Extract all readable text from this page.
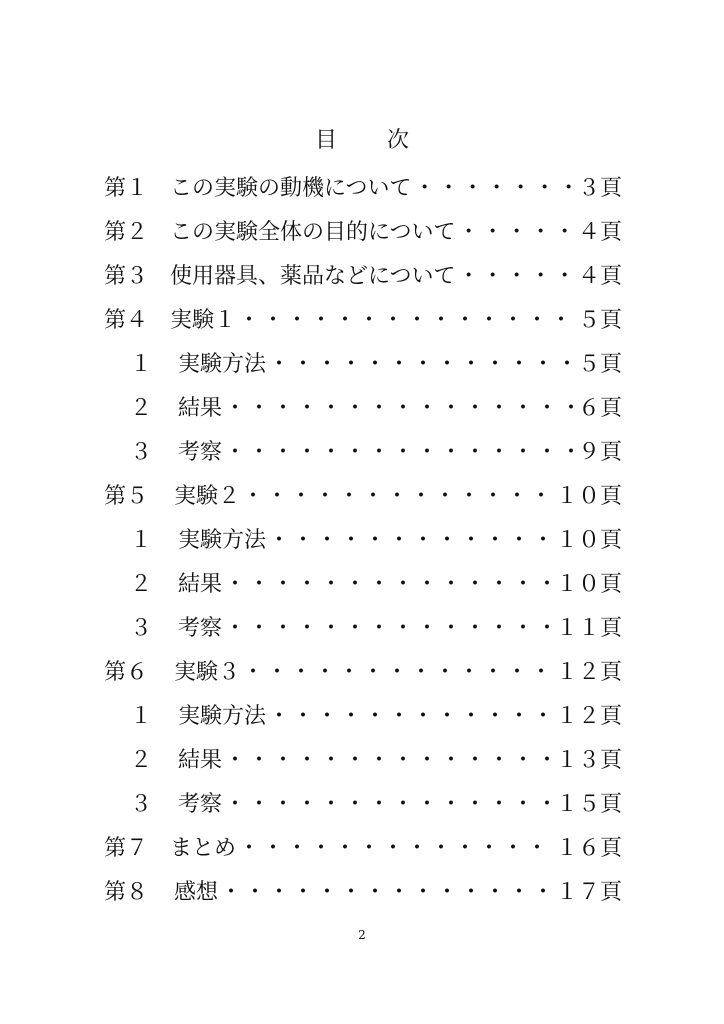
目 次
第１ この実験の動機について ・・・・・・・・・・・・・・・・・・・・・・・・・・・・・・・・・・・・・・・・	３頁
第２ この実験全体の目的について ・・・・・・・・・・・・・・・・・・・・・・・・・・・・・・・・・・・・・・・・	４頁
第３ 使用器具、薬品などについて ・・・・・・・・・・・・・・・・・・・・・・・・・・・・・・・・・・・・・・・・	４頁
第４ 実験１ ・・・・・・・・・・・・・・・・・・・・・・・・・・・・・・・・・・・・・・・・	５頁
１	実験方法 ・・・・・・・・・・・・・・・・・・・・・・・・・・・・・・・・・・・・・・・・	５頁
２	結果 ・・・・・・・・・・・・・・・・・・・・・・・・・・・・・・・・・・・・・・・・	６頁
３	考察 ・・・・・・・・・・・・・・・・・・・・・・・・・・・・・・・・・・・・・・・・	９頁
第５	実験２ ・・・・・・・・・・・・・・・・・・・・・・・・・・・・・・・・・・・・・・・・	１０頁
１	実験方法 ・・・・・・・・・・・・・・・・・・・・・・・・・・・・・・・・・・・・・・・・	１０頁
２	結果 ・・・・・・・・・・・・・・・・・・・・・・・・・・・・・・・・・・・・・・・・	１０頁
３	考察 ・・・・・・・・・・・・・・・・・・・・・・・・・・・・・・・・・・・・・・・・	１１頁
第６	実験３ ・・・・・・・・・・・・・・・・・・・・・・・・・・・・・・・・・・・・・・・・	１２頁
１	実験方法 ・・・・・・・・・・・・・・・・・・・・・・・・・・・・・・・・・・・・・・・・	１２頁
２	結果 ・・・・・・・・・・・・・・・・・・・・・・・・・・・・・・・・・・・・・・・・	１３頁
３	考察 ・・・・・・・・・・・・・・・・・・・・・・・・・・・・・・・・・・・・・・・・	１５頁
第７ まとめ ・・・・・・・・・・・・・・・・・・・・・・・・・・・・・・・・・・・・・・・・	１６頁
第８	感想 ・・・・・・・・・・・・・・・・・・・・・・・・・・・・・・・・・・・・・・・・	１７頁
2
